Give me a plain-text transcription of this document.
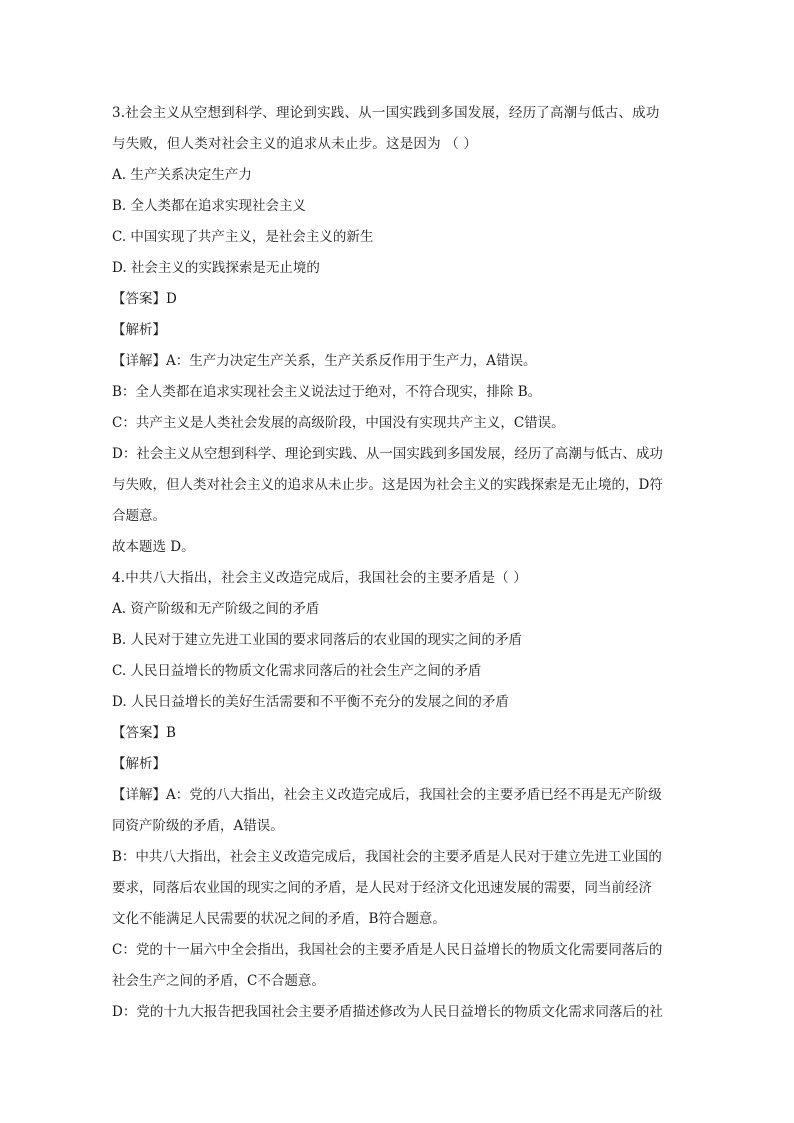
3.社会主义从空想到科学、理论到实践、从一国实践到多国发展，经历了高潮与低古、成功
与失败，但人类对社会主义的追求从未止步。这是因为 （ ）
A. 生产关系决定生产力
B. 全人类都在追求实现社会主义
C. 中国实现了共产主义，是社会主义的新生
D. 社会主义的实践探索是无止境的
【答案】D
【解析】
【详解】A：生产力决定生产关系，生产关系反作用于生产力，A错误。
B：全人类都在追求实现社会主义说法过于绝对，不符合现实，排除 B。
C：共产主义是人类社会发展的高级阶段，中国没有实现共产主义，C错误。
D：社会主义从空想到科学、理论到实践、从一国实践到多国发展，经历了高潮与低古、成功
与失败，但人类对社会主义的追求从未止步。这是因为社会主义的实践探索是无止境的，D符
合题意。
故本题选 D。
4.中共八大指出，社会主义改造完成后，我国社会的主要矛盾是（ ）
A. 资产阶级和无产阶级之间的矛盾
B. 人民对于建立先进工业国的要求同落后的农业国的现实之间的矛盾
C. 人民日益增长的物质文化需求同落后的社会生产之间的矛盾
D. 人民日益增长的美好生活需要和不平衡不充分的发展之间的矛盾
【答案】B
【解析】
【详解】A：党的八大指出，社会主义改造完成后，我国社会的主要矛盾已经不再是无产阶级
同资产阶级的矛盾，A错误。
B：中共八大指出，社会主义改造完成后，我国社会的主要矛盾是人民对于建立先进工业国的
要求，同落后农业国的现实之间的矛盾，是人民对于经济文化迅速发展的需要，同当前经济
文化不能满足人民需要的状况之间的矛盾，B符合题意。
C：党的十一届六中全会指出，我国社会的主要矛盾是人民日益增长的物质文化需要同落后的
社会生产之间的矛盾，C不合题意。
D：党的十九大报告把我国社会主要矛盾描述修改为人民日益增长的物质文化需求同落后的社
